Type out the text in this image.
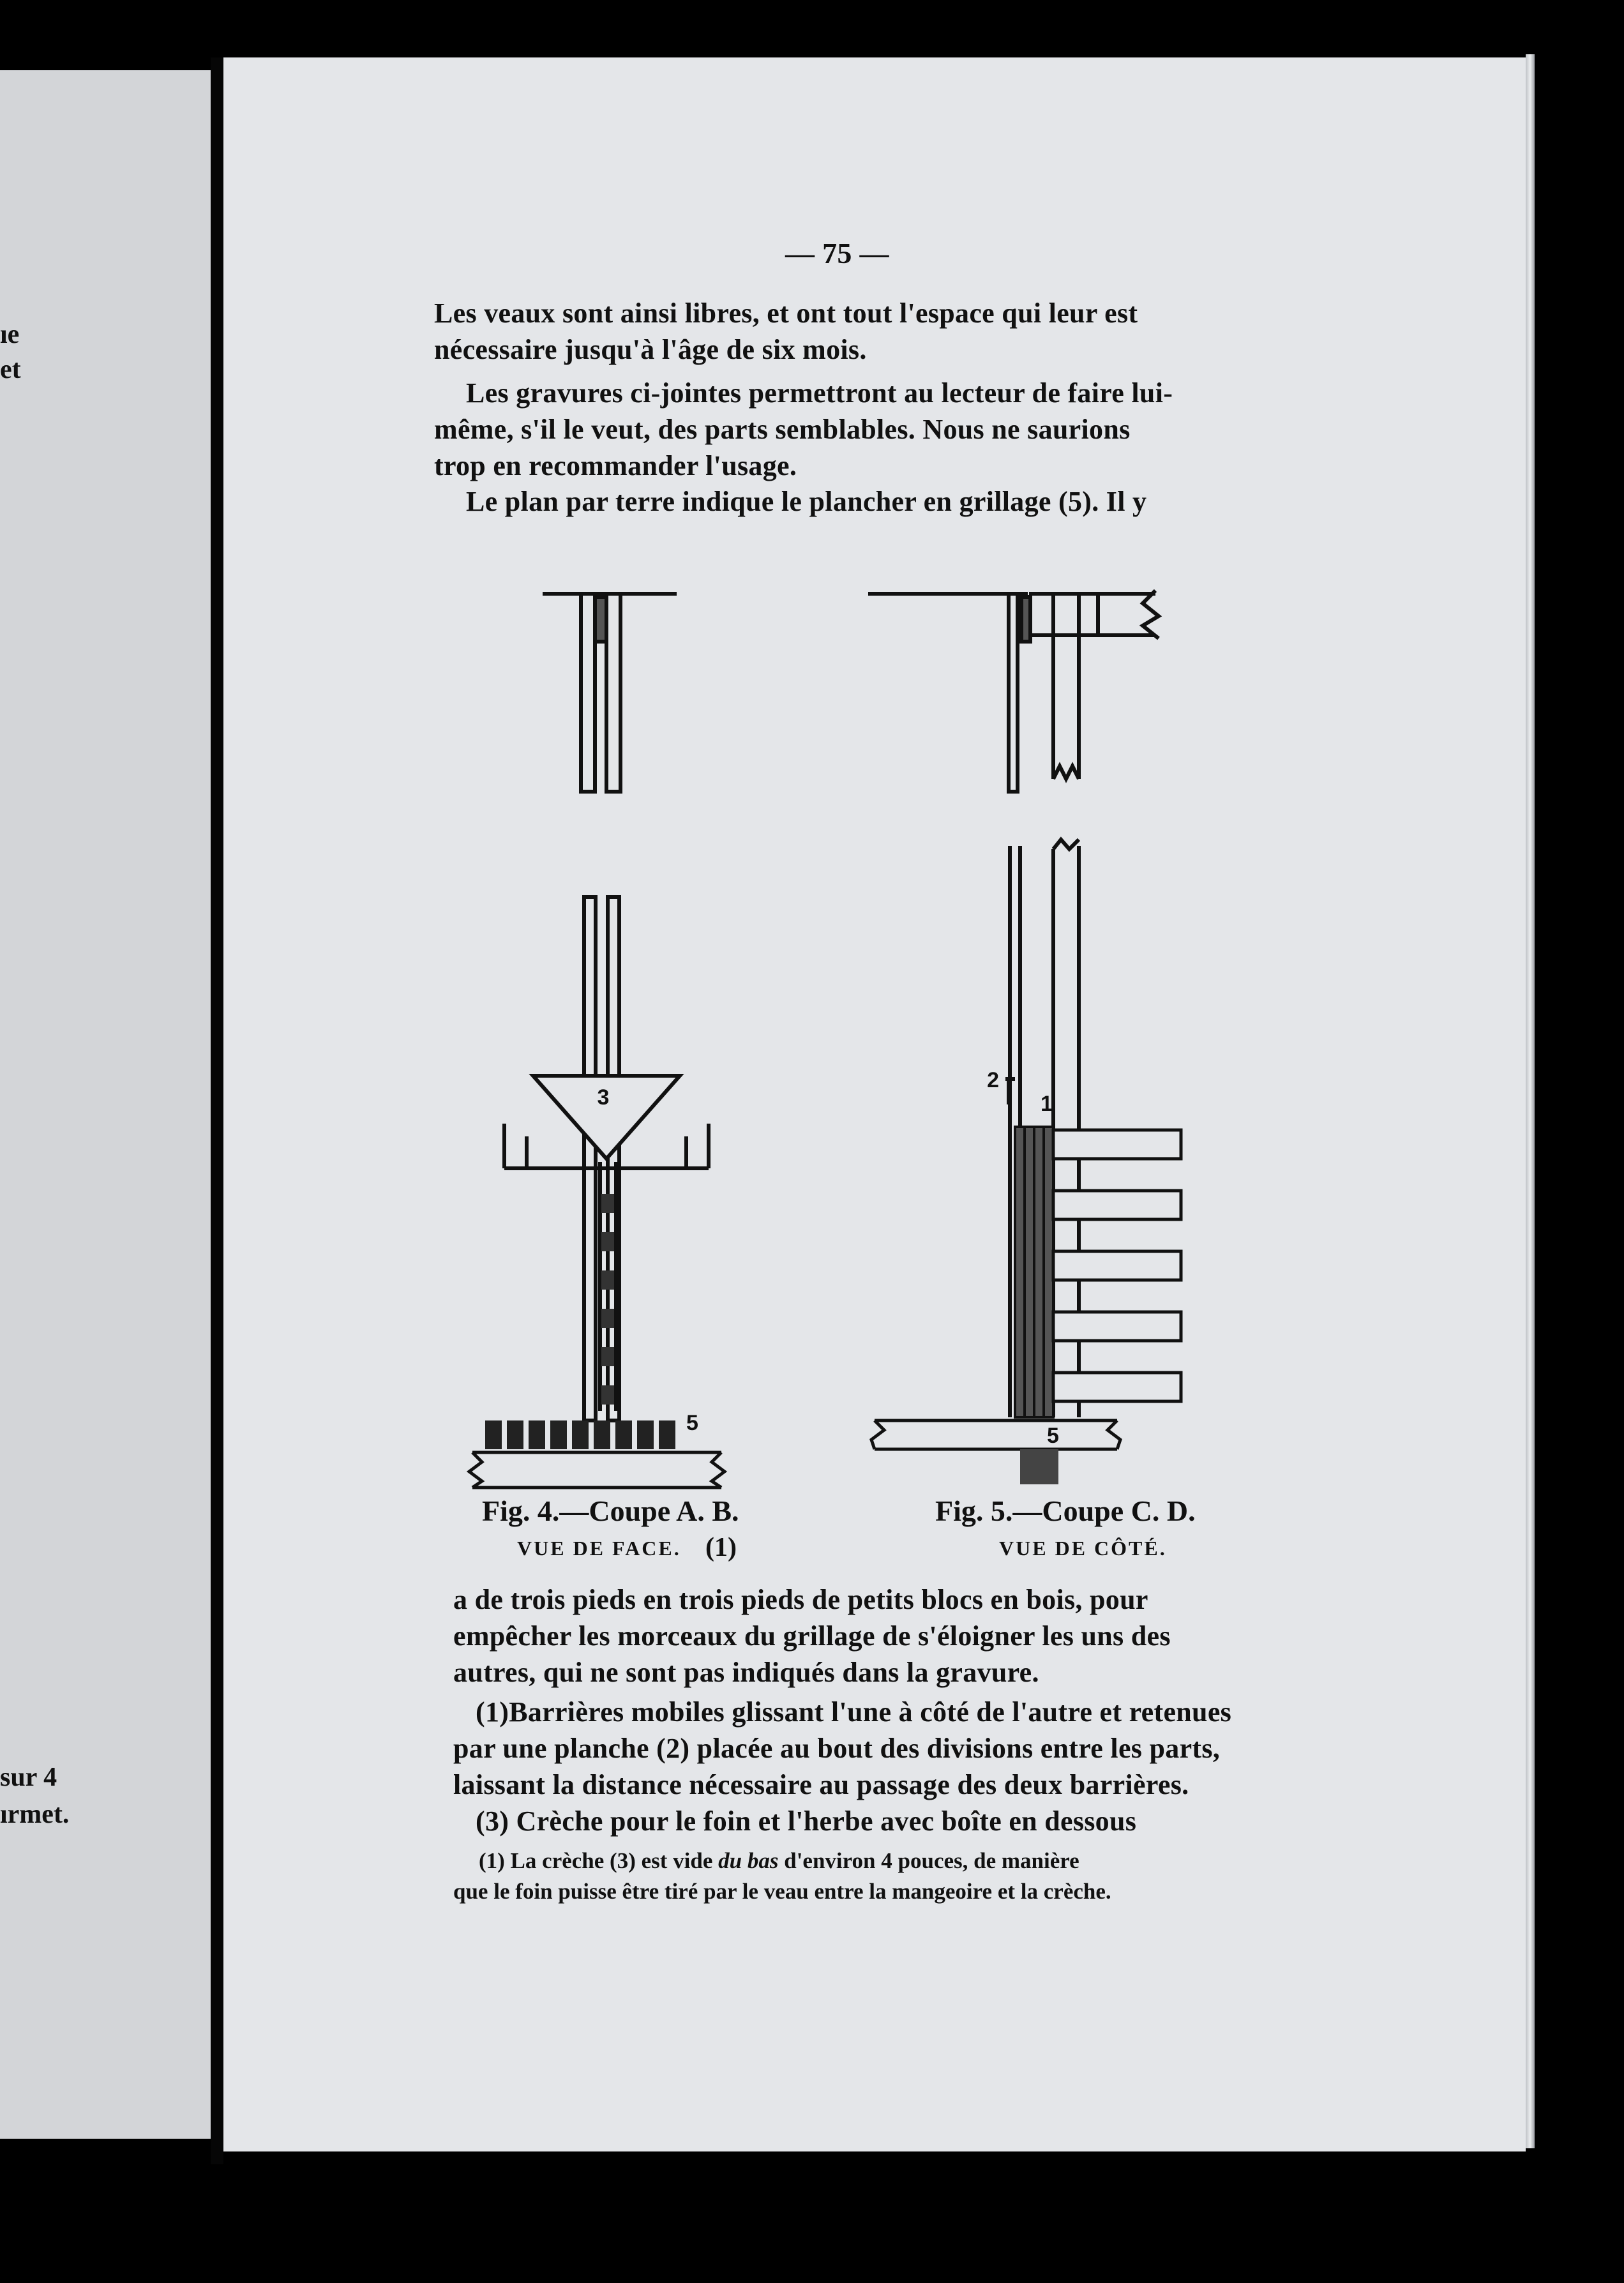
ıe
et
sur 4
ırmet.
— 75 —
Les veaux sont ainsi libres, et ont tout l'espace qui leur est
nécessaire jusqu'à l'âge de six mois.
Les gravures ci-jointes permettront au lecteur de faire lui-
même, s'il le veut, des parts semblables. Nous ne saurions
trop en recommander l'usage.
Le plan par terre indique le plancher en grillage (5). Il y
3
5
2
1
5
Fig. 4.—Coupe A. B.
VUE DE FACE. (1)
Fig. 5.—Coupe C. D.
VUE DE CÔTÉ.
a de trois pieds en trois pieds de petits blocs en bois, pour
empêcher les morceaux du grillage de s'éloigner les uns des
autres, qui ne sont pas indiqués dans la gravure.
(1)Barrières mobiles glissant l'une à côté de l'autre et retenues
par une planche (2) placée au bout des divisions entre les parts,
laissant la distance nécessaire au passage des deux barrières.
(3) Crèche pour le foin et l'herbe avec boîte en dessous
(1) La crèche (3) est vide du bas d'environ 4 pouces, de manière
que le foin puisse être tiré par le veau entre la mangeoire et la crèche.
